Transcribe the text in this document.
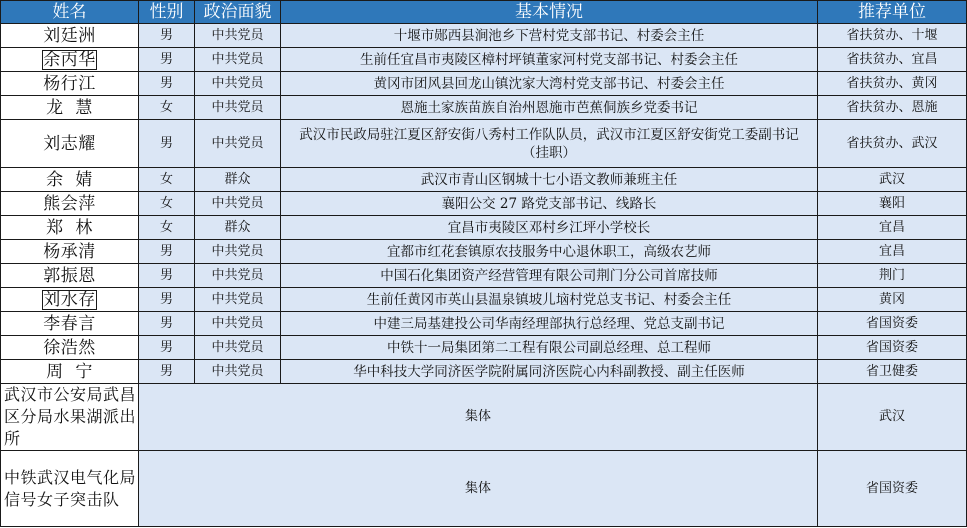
姓名	性别	政治面貌	基本情况	推荐单位
刘廷洲	男	中共党员	十堰市郧西县涧池乡下营村党支部书记、村委会主任	省扶贫办、十堰
余丙华	男	中共党员	生前任宜昌市夷陵区樟村坪镇董家河村党支部书记、村委会主任	省扶贫办、宜昌
杨行江	男	中共党员	黄冈市团风县回龙山镇沈家大湾村党支部书记、村委会主任	省扶贫办、黄冈
龙  慧	女	中共党员	恩施土家族苗族自治州恩施市芭蕉侗族乡党委书记	省扶贫办、恩施
刘志耀	男	中共党员	武汉市民政局驻江夏区舒安街八秀村工作队队员，武汉市江夏区舒安街党工委副书记（挂职）	省扶贫办、武汉
余  婧	女	群众	武汉市青山区钢城十七小语文教师兼班主任	武汉
熊会萍	女	中共党员	襄阳公交 27 路党支部书记、线路长	襄阳
郑  林	女	群众	宜昌市夷陵区邓村乡江坪小学校长	宜昌
杨承清	男	中共党员	宜都市红花套镇原农技服务中心退休职工，高级农艺师	宜昌
郭振恩	男	中共党员	中国石化集团资产经营管理有限公司荆门分公司首席技师	荆门
刘水存	男	中共党员	生前任黄冈市英山县温泉镇坡儿垴村党总支书记、村委会主任	黄冈
李春言	男	中共党员	中建三局基建投公司华南经理部执行总经理、党总支副书记	省国资委
徐浩然	男	中共党员	中铁十一局集团第二工程有限公司副总经理、总工程师	省国资委
周  宁	男	中共党员	华中科技大学同济医学院附属同济医院心内科副教授、副主任医师	省卫健委
武汉市公安局武昌区分局水果湖派出所	集体			武汉
中铁武汉电气化局信号女子突击队	集体			省国资委
